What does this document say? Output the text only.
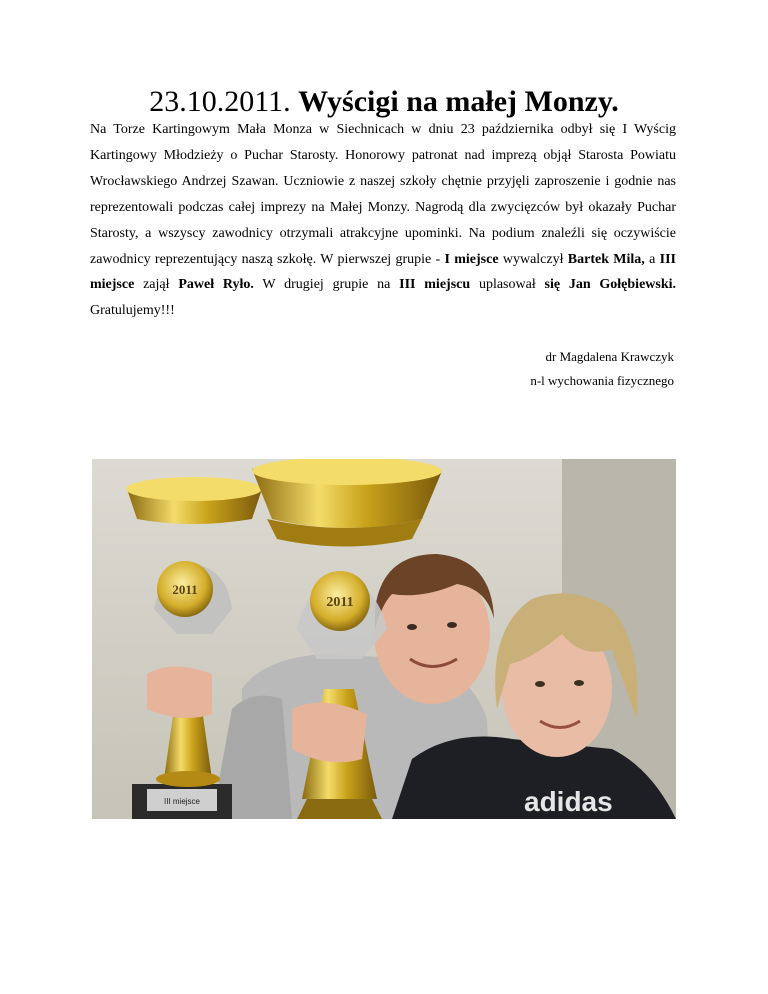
23.10.2011. Wyścigi na małej Monzy.

Na Torze Kartingowym Mała Monza w Siechnicach w dniu 23 października odbył się I Wyścig Kartingowy Młodzieży o Puchar Starosty. Honorowy patronat nad imprezą objął Starosta Powiatu Wrocławskiego Andrzej Szawan. Uczniowie z naszej szkoły chętnie przyjęli zaproszenie i godnie nas reprezentowali podczas całej imprezy na Małej Monzy. Nagrodą dla zwycięzców był okazały Puchar Starosty, a wszyscy zawodnicy otrzymali atrakcyjne upominki. Na podium znaleźli się oczywiście zawodnicy reprezentujący naszą szkołę. W pierwszej grupie - I miejsce wywalczył Bartek Mila, a III miejsce zajął Paweł Ryło. W drugiej grupie na III miejscu uplasował się Jan Gołębiewski. Gratulujemy!!!

dr Magdalena Krawczyk
n-l wychowania fizycznego
adidas
III miejsce
2011
2011
